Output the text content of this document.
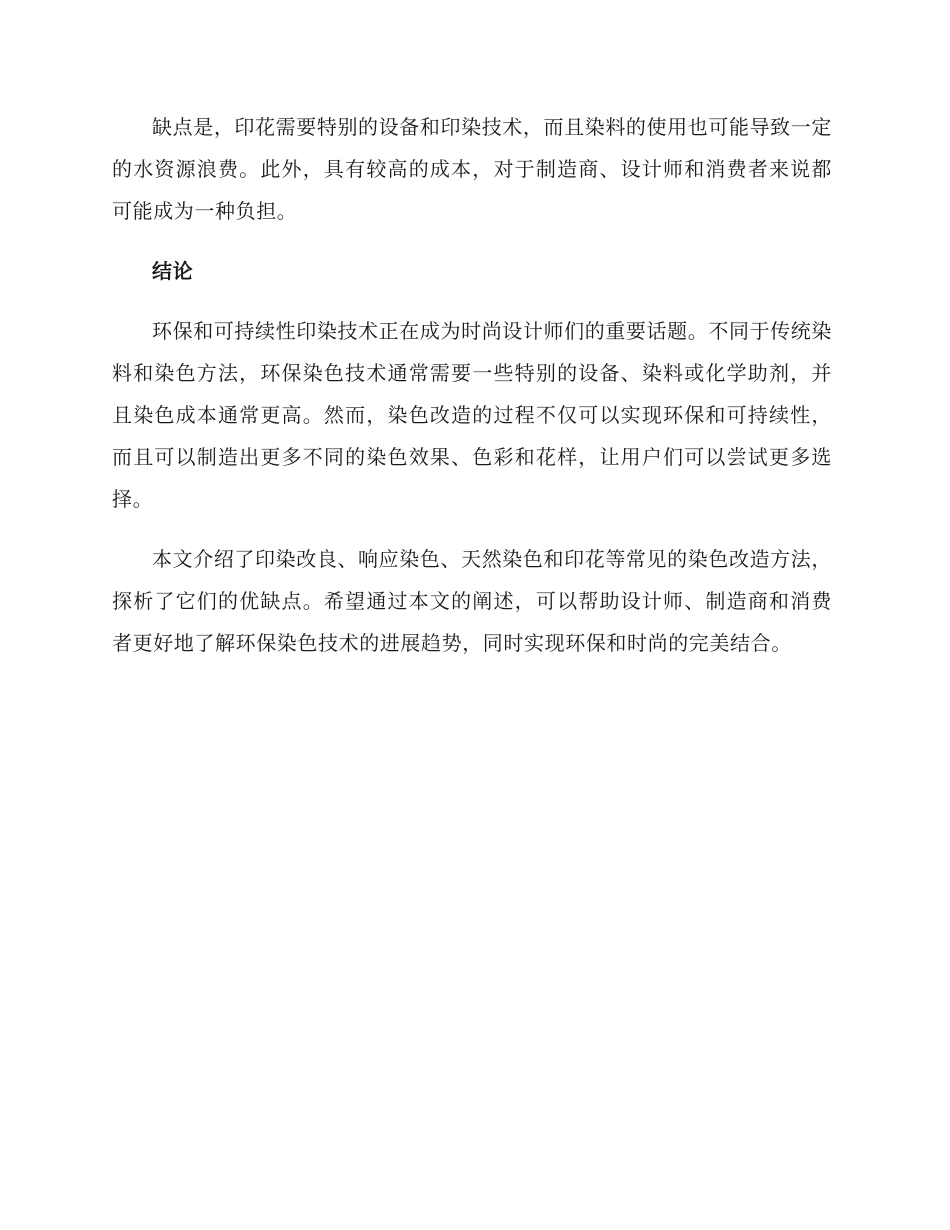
缺点是，印花需要特别的设备和印染技术，而且染料的使用也可能导致一定的水资源浪费。此外，具有较高的成本，对于制造商、设计师和消费者来说都可能成为一种负担。

结论

环保和可持续性印染技术正在成为时尚设计师们的重要话题。不同于传统染料和染色方法，环保染色技术通常需要一些特别的设备、染料或化学助剂，并且染色成本通常更高。然而，染色改造的过程不仅可以实现环保和可持续性，而且可以制造出更多不同的染色效果、色彩和花样，让用户们可以尝试更多选择。

本文介绍了印染改良、响应染色、天然染色和印花等常见的染色改造方法，探析了它们的优缺点。希望通过本文的阐述，可以帮助设计师、制造商和消费者更好地了解环保染色技术的进展趋势，同时实现环保和时尚的完美结合。
